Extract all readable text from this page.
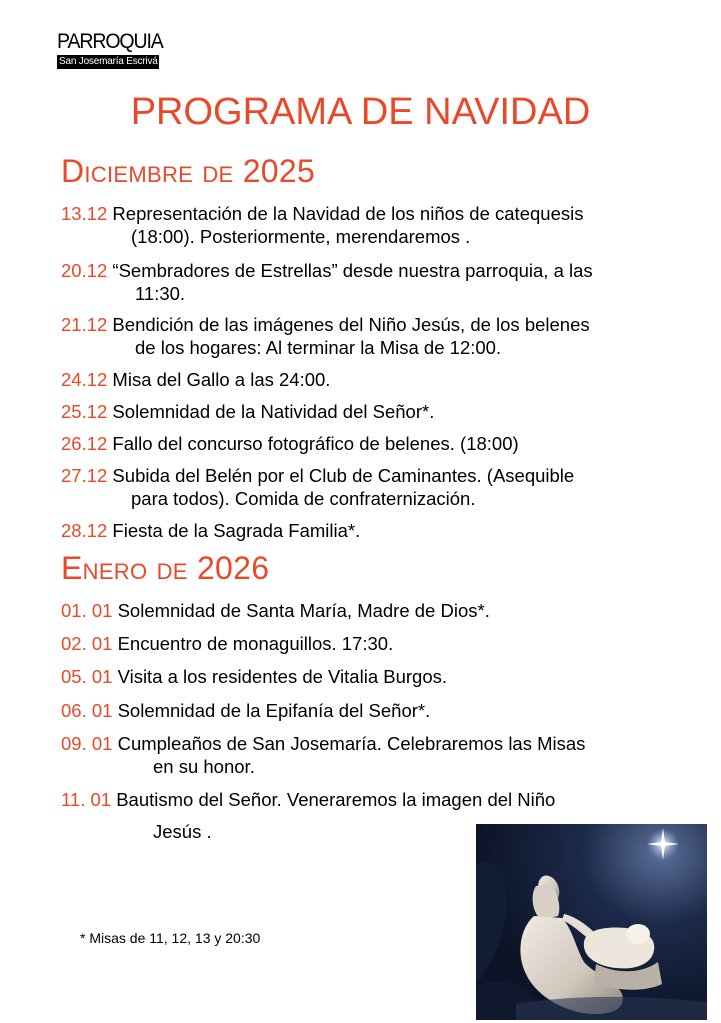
PARROQUIA
San Josemaría Escrivá
PROGRAMA DE NAVIDAD
Diciembre de 2025
13.12 Representación de la Navidad de los niños de catequesis
(18:00). Posteriormente, merendaremos .
20.12 “Sembradores de Estrellas” desde nuestra parroquia, a las
11:30.
21.12 Bendición de las imágenes del Niño Jesús, de los belenes
de los hogares: Al terminar la Misa de 12:00.
24.12 Misa del Gallo a las 24:00.
25.12 Solemnidad de la Natividad del Señor*.
26.12 Fallo del concurso fotográfico de belenes. (18:00)
27.12 Subida del Belén por el Club de Caminantes. (Asequible
para todos). Comida de confraternización.
28.12 Fiesta de la Sagrada Familia*.
Enero de 2026
01. 01 Solemnidad de Santa María, Madre de Dios*.
02. 01 Encuentro de monaguillos. 17:30.
05. 01 Visita a los residentes de Vitalia Burgos.
06. 01 Solemnidad de la Epifanía del Señor*.
09. 01 Cumpleaños de San Josemaría. Celebraremos las Misas
en su honor.
11. 01 Bautismo del Señor. Veneraremos la imagen del Niño
Jesús .
* Misas de 11, 12, 13 y 20:30
